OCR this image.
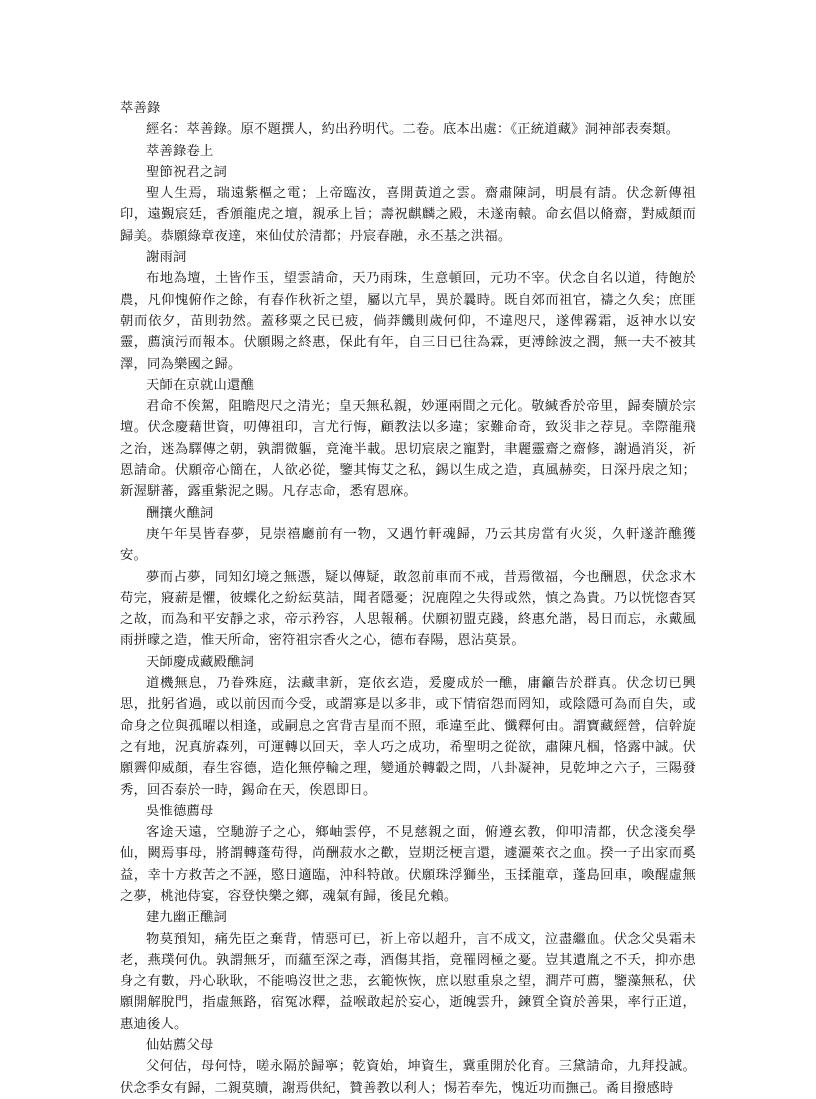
萃善錄

經名：萃善錄。原不題撰人，約出矜明代。二卷。底本出處：《正統道藏》洞神部表奏類。

萃善錄卷上

聖節祝君之詞

聖人生焉，瑞遠紫樞之電；上帝臨汝，喜開黃道之雲。齋肅陳詞，明晨有請。伏念新傳祖印，遠覲宸廷，香頒龍虎之壇，親承上旨；壽祝麒麟之殿，未遂南轅。命玄倡以脩齋，對威顏而歸美。恭願綠章夜達，來仙仗於清都；丹宸春融，永丕基之洪福。

謝雨詞

布地為壇，土皆作玉，望雲請命，天乃雨珠，生意頓回，元功不宰。伏念自名以道，待飽於農，凡仰愧俯作之餘，有春作秋祈之望，屬以亢旱，異於曩時。既自郊而祖官，禱之久矣；庶匪朝而依夕，苗則勃然。蓋移粟之民已疲，倘莽饑則歲何仰，不違咫尺，遂俾霧霜，返神水以安靈，薦演污而報本。伏願賜之終惠，保此有年，自三日已往為霖，更溥餘波之潤，無一夫不被其澤，同為樂國之歸。

天師在京就山還醮

君命不俟駕，阻瞻咫尺之清光；皇天無私親，妙運兩間之元化。敬緘香於帝里，歸奏牘於宗壇。伏念慶藉世資，叨傳祖印，言尤行悔，顧教法以多違；家難命奇，致災非之荐見。幸際龍飛之治，迷為驛傳之朝，孰謂微軀，竟淹半載。思切宸扆之寵對，聿麗靈齋之齋修，謝過消災，祈恩請命。伏願帝心簡在，人欲必從，鑒其悔艾之私，錫以生成之造，真風赫奕，日深丹扆之知；新渥駢蕃，露重紫泥之賜。凡存志命，悉宥恩庥。

酬攘火醮詞

庚午年昊皆春夢，見崇禧廳前有一物，又遇竹軒魂歸，乃云其房當有火災，久軒遂許醮獲安。

夢而占夢，同知幻境之無憑，疑以傳疑，敢忽前車而不戒，昔焉徵福，今也酬恩，伏念求木苟完，寢薪是懼，彼蝶化之紛紜莫詰，聞者隱憂；況鹿隍之失得或然，慎之為貴。乃以恍惚杳冥之故，而為和平安靜之求，帝示矜容，人思報稱。伏願初盟克踐，終惠允諧，曷日而忘，永戴風雨拼曚之造，惟天所命，密符祖宗香火之心，德布春陽，恩沾莫景。

天師慶成藏殿醮詞

道機無息，乃眷殊庭，法藏聿新，寔依玄造，爰慶成於一醮，庸籲告於群真。伏念切已興思，批躬省過，或以前因而今受，或謂寡是以多非，或下情宿怨而罔知，或陰隱可為而自失，或命身之位與孤曜以相逢，或嗣息之宮背吉星而不照，乖違至此、懺釋何由。謂寶藏經營，信幹旋之有地，況真旂森列，可運轉以回天，幸人巧之成功，希聖明之從欲，肅陳凡椢，恪露中誠。伏願霽仰威顏，春生容德，造化無停輪之理，變通於轉轂之問，八卦凝神，見乾坤之六子，三陽發秀，回否泰於一時，錫命在天，俟恩即日。

吳惟德薦母

客途天遠，空馳游子之心，鄉岫雲停，不見慈親之面，俯遵玄教，仰叩清都，伏念淺矣學仙，闕焉事母，將謂轉蓬苟得，尚酬菽水之歡，豈期泛梗言還，遽灑萊衣之血。揆一子出家而奚益，幸十方救苦之不誣，愍日適臨，沖科特啟。伏願珠浮獅坐，玉揉龍章，蓬島回車，喚醒虛無之夢，桃池侍宴，容登快樂之鄉，魂氣有歸，後昆允賴。

建九幽正醮詞

物莫預知，痛先臣之棄背，情惡可已，祈上帝以超升，言不成文，泣盡繼血。伏念父吳霜未老，燕璞何仇。孰謂無牙，而蘊至深之毒，酒傷其指，竟罹罔極之憂。豈其遺胤之不夭，抑亦患身之有數，丹心耿耿，不能鳴沒世之悲，玄範恢恢，庶以慰重泉之望，澗芹可薦，鑒藻無私，伏願開解脫門，指虛無路，宿冤冰釋，益喉敢起於妄心，逝魄雲升，鍊質全資於善果，率行正道，惠迪後人。

仙姑薦父母

父何估，母何恃，嗟永隔於歸寧；乾資始，坤資生，冀重開於化育。三黛請命，九拜投誠。伏念季女有歸，二親莫贖，謝焉供紀，贊善教以利人；惕若奉先，愧近功而撫己。矞目撥感時
